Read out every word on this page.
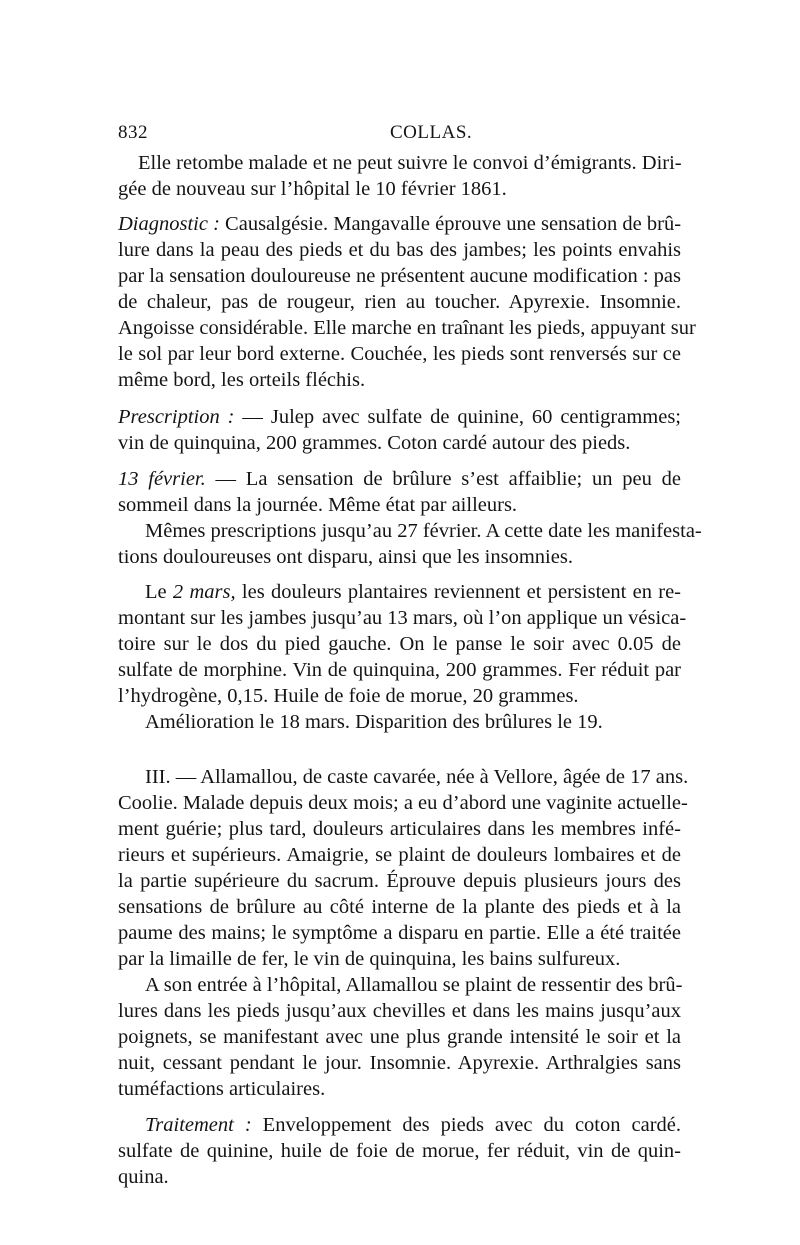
832	COLLAS.
Elle retombe malade et ne peut suivre le convoi d’émigrants. Diri-
gée de nouveau sur l’hôpital le 10 février 1861.
Diagnostic : Causalgésie. Mangavalle éprouve une sensation de brû-
lure dans la peau des pieds et du bas des jambes; les points envahis
par la sensation douloureuse ne présentent aucune modification : pas
de chaleur, pas de rougeur, rien au toucher. Apyrexie. Insomnie.
Angoisse considérable. Elle marche en traînant les pieds, appuyant sur
le sol par leur bord externe. Couchée, les pieds sont renversés sur ce
même bord, les orteils fléchis.
Prescription : — Julep avec sulfate de quinine, 60 centigrammes;
vin de quinquina, 200 grammes. Coton cardé autour des pieds.
13 février. — La sensation de brûlure s’est affaiblie; un peu de
sommeil dans la journée. Même état par ailleurs.
Mêmes prescriptions jusqu’au 27 février. A cette date les manifesta-
tions douloureuses ont disparu, ainsi que les insomnies.
Le 2 mars, les douleurs plantaires reviennent et persistent en re-
montant sur les jambes jusqu’au 13 mars, où l’on applique un vésica-
toire sur le dos du pied gauche. On le panse le soir avec 0.05 de
sulfate de morphine. Vin de quinquina, 200 grammes. Fer réduit par
l’hydrogène, 0,15. Huile de foie de morue, 20 grammes.
Amélioration le 18 mars. Disparition des brûlures le 19.
III. — Allamallou, de caste cavarée, née à Vellore, âgée de 17 ans.
Coolie. Malade depuis deux mois; a eu d’abord une vaginite actuelle-
ment guérie; plus tard, douleurs articulaires dans les membres infé-
rieurs et supérieurs. Amaigrie, se plaint de douleurs lombaires et de
la partie supérieure du sacrum. Éprouve depuis plusieurs jours des
sensations de brûlure au côté interne de la plante des pieds et à la
paume des mains; le symptôme a disparu en partie. Elle a été traitée
par la limaille de fer, le vin de quinquina, les bains sulfureux.
A son entrée à l’hôpital, Allamallou se plaint de ressentir des brû-
lures dans les pieds jusqu’aux chevilles et dans les mains jusqu’aux
poignets, se manifestant avec une plus grande intensité le soir et la
nuit, cessant pendant le jour. Insomnie. Apyrexie. Arthralgies sans
tuméfactions articulaires.
Traitement : Enveloppement des pieds avec du coton cardé.
sulfate de quinine, huile de foie de morue, fer réduit, vin de quin-
quina.
